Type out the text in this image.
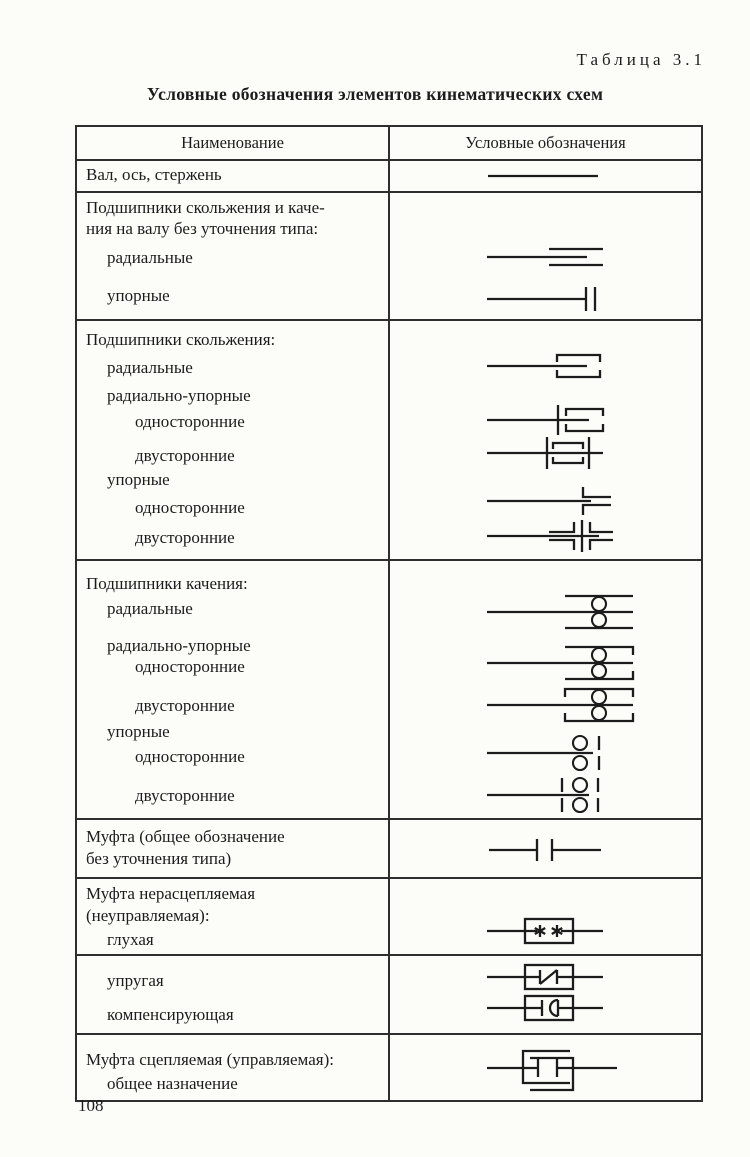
Таблица 3.1
Условные обозначения элементов кинематических схем
Наименование	Условные обозначения
Вал, ось, стержень
Подшипники скольжения и каче-
ния на валу без уточнения типа:
радиальные
упорные
Подшипники скольжения:
радиальные
радиально-упорные
односторонние
двусторонние
упорные
односторонние
двусторонние
Подшипники качения:
радиальные
радиально-упорные
односторонние
двусторонние
упорные
односторонние
двусторонние
Муфта (общее обозначение
без уточнения типа)
Муфта нерасцепляемая
(неуправляемая):
глухая
упругая
компенсирующая
Муфта сцепляемая (управляемая):
общее назначение
108
